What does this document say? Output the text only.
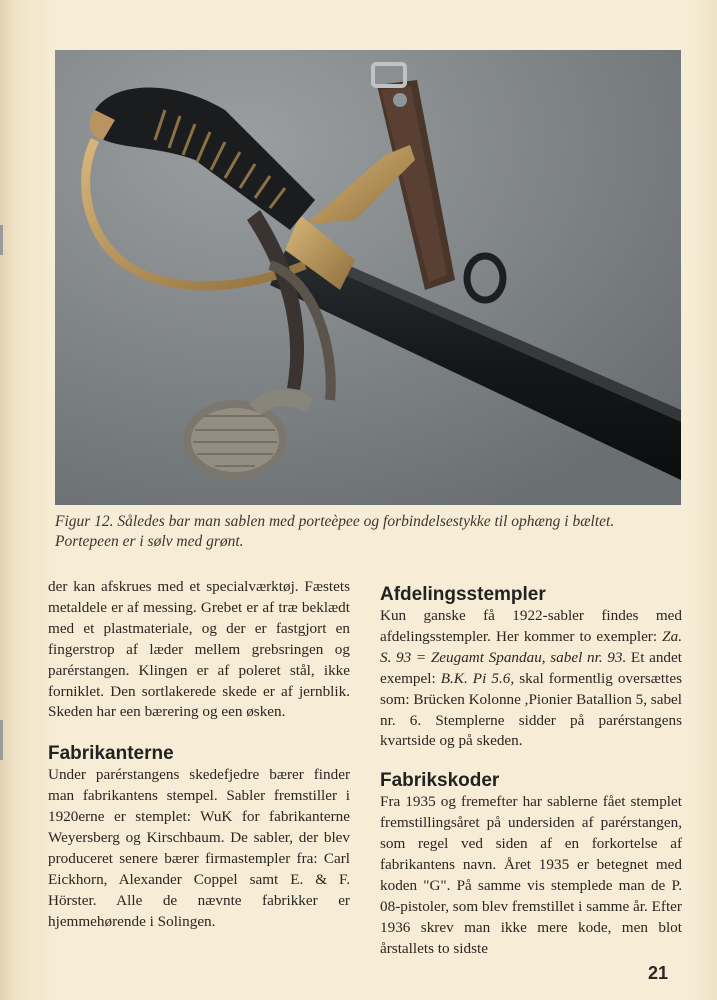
Figur 12. Således bar man sablen med porteèpee og forbindelsestykke til ophæng i bæltet.
Portepeen er i sølv med grønt.

der kan afskrues med et specialværktøj. Fæstets metaldele er af messing. Grebet er af træ beklædt med et plastmateriale, og der er fastgjort en fingerstrop af læder mellem grebsringen og parérstangen. Klingen er af poleret stål, ikke forniklet. Den sortlakerede skede er af jernblik. Skeden har een bærering og een øsken.

Fabrikanterne

Under parérstangens skedefjedre bærer finder man fabrikantens stempel. Sabler fremstiller i 1920erne er stemplet: WuK for fabrikanterne Weyersberg og Kirschbaum. De sabler, der blev produceret senere bærer firmastempler fra: Carl Eickhorn, Alexander Coppel samt E. & F. Hörster. Alle de nævnte fabrikker er hjemmehørende i Solingen.

Afdelingsstempler

Kun ganske få 1922-sabler findes med afdelingsstempler. Her kommer to exempler: Za. S. 93 = Zeugamt Spandau, sabel nr. 93. Et andet exempel: B.K. Pi 5.6, skal formentlig oversættes som: Brücken Kolonne ,Pionier Batallion 5, sabel nr. 6. Stemplerne sidder på parérstangens kvartside og på skeden.

Fabrikskoder

Fra 1935 og fremefter har sablerne fået stemplet fremstillingsåret på undersiden af parérstangen, som regel ved siden af en forkortelse af fabrikantens navn. Året 1935 er betegnet med koden "G". På samme vis stemplede man de P. 08-pistoler, som blev fremstillet i samme år. Efter 1936 skrev man ikke mere kode, men blot årstallets to sidste

21
